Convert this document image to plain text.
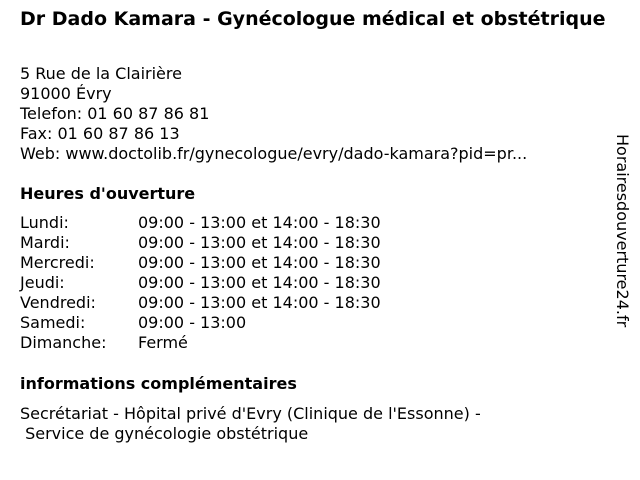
Dr Dado Kamara - Gynécologue médical et obstétrique
5 Rue de la Clairière
91000 Évry
Telefon: 01 60 87 86 81
Fax: 01 60 87 86 13
Web: www.doctolib.fr/gynecologue/evry/dado-kamara?pid=pr...
Heures d'ouverture
Lundi:	09:00 - 13:00 et 14:00 - 18:30
Mardi:	09:00 - 13:00 et 14:00 - 18:30
Mercredi:	09:00 - 13:00 et 14:00 - 18:30
Jeudi:	09:00 - 13:00 et 14:00 - 18:30
Vendredi:	09:00 - 13:00 et 14:00 - 18:30
Samedi:	09:00 - 13:00
Dimanche: Fermé
informations complémentaires
Secrétariat - Hôpital privé d'Evry (Clinique de l'Essonne) -
Service de gynécologie obstétrique
Horairesdouverture24.fr
